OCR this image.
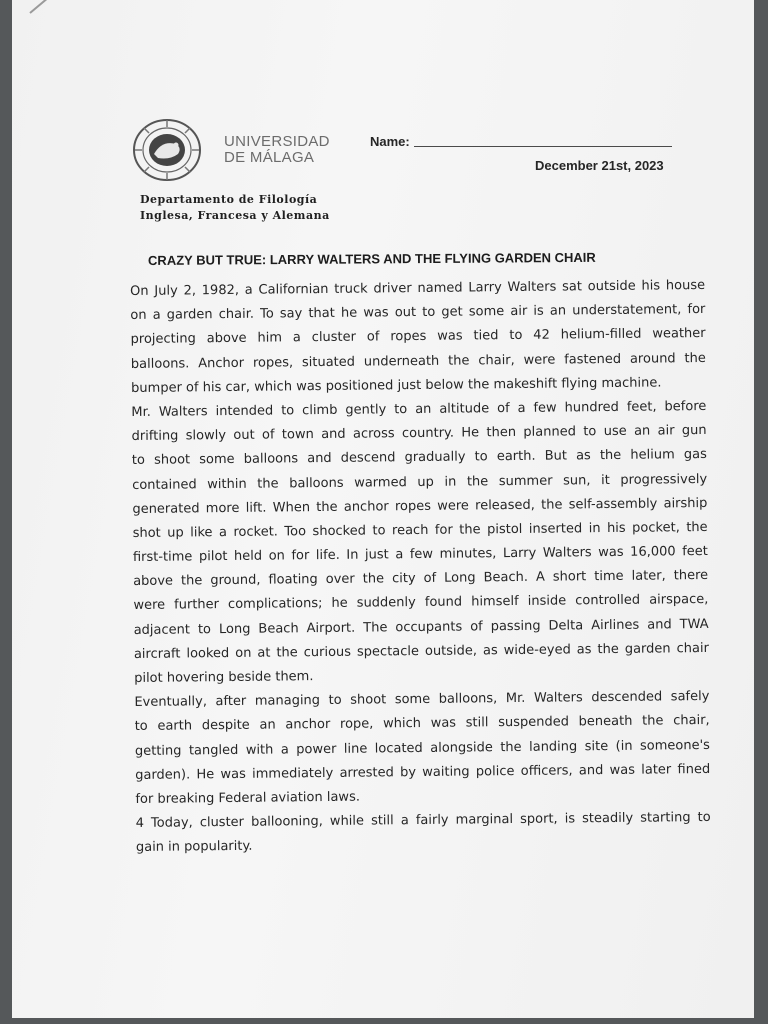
UNIVERSIDAD
DE MÁLAGA
Name:
December 21st, 2023
Departamento de Filología
Inglesa, Francesa y Alemana
CRAZY BUT TRUE: LARRY WALTERS AND THE FLYING GARDEN CHAIR
On July 2, 1982, a Californian truck driver named Larry Walters sat outside his house
on a garden chair. To say that he was out to get some air is an understatement, for
projecting above him a cluster of ropes was tied to 42 helium-filled weather
balloons. Anchor ropes, situated underneath the chair, were fastened around the
bumper of his car, which was positioned just below the makeshift flying machine.
Mr. Walters intended to climb gently to an altitude of a few hundred feet, before
drifting slowly out of town and across country. He then planned to use an air gun
to shoot some balloons and descend gradually to earth. But as the helium gas
contained within the balloons warmed up in the summer sun, it progressively
generated more lift. When the anchor ropes were released, the self-assembly airship
shot up like a rocket. Too shocked to reach for the pistol inserted in his pocket, the
first-time pilot held on for life. In just a few minutes, Larry Walters was 16,000 feet
above the ground, floating over the city of Long Beach. A short time later, there
were further complications; he suddenly found himself inside controlled airspace,
adjacent to Long Beach Airport. The occupants of passing Delta Airlines and TWA
aircraft looked on at the curious spectacle outside, as wide-eyed as the garden chair
pilot hovering beside them.
Eventually, after managing to shoot some balloons, Mr. Walters descended safely
to earth despite an anchor rope, which was still suspended beneath the chair,
getting tangled with a power line located alongside the landing site (in someone's
garden). He was immediately arrested by waiting police officers, and was later fined
for breaking Federal aviation laws.
4 Today, cluster ballooning, while still a fairly marginal sport, is steadily starting to
gain in popularity.
